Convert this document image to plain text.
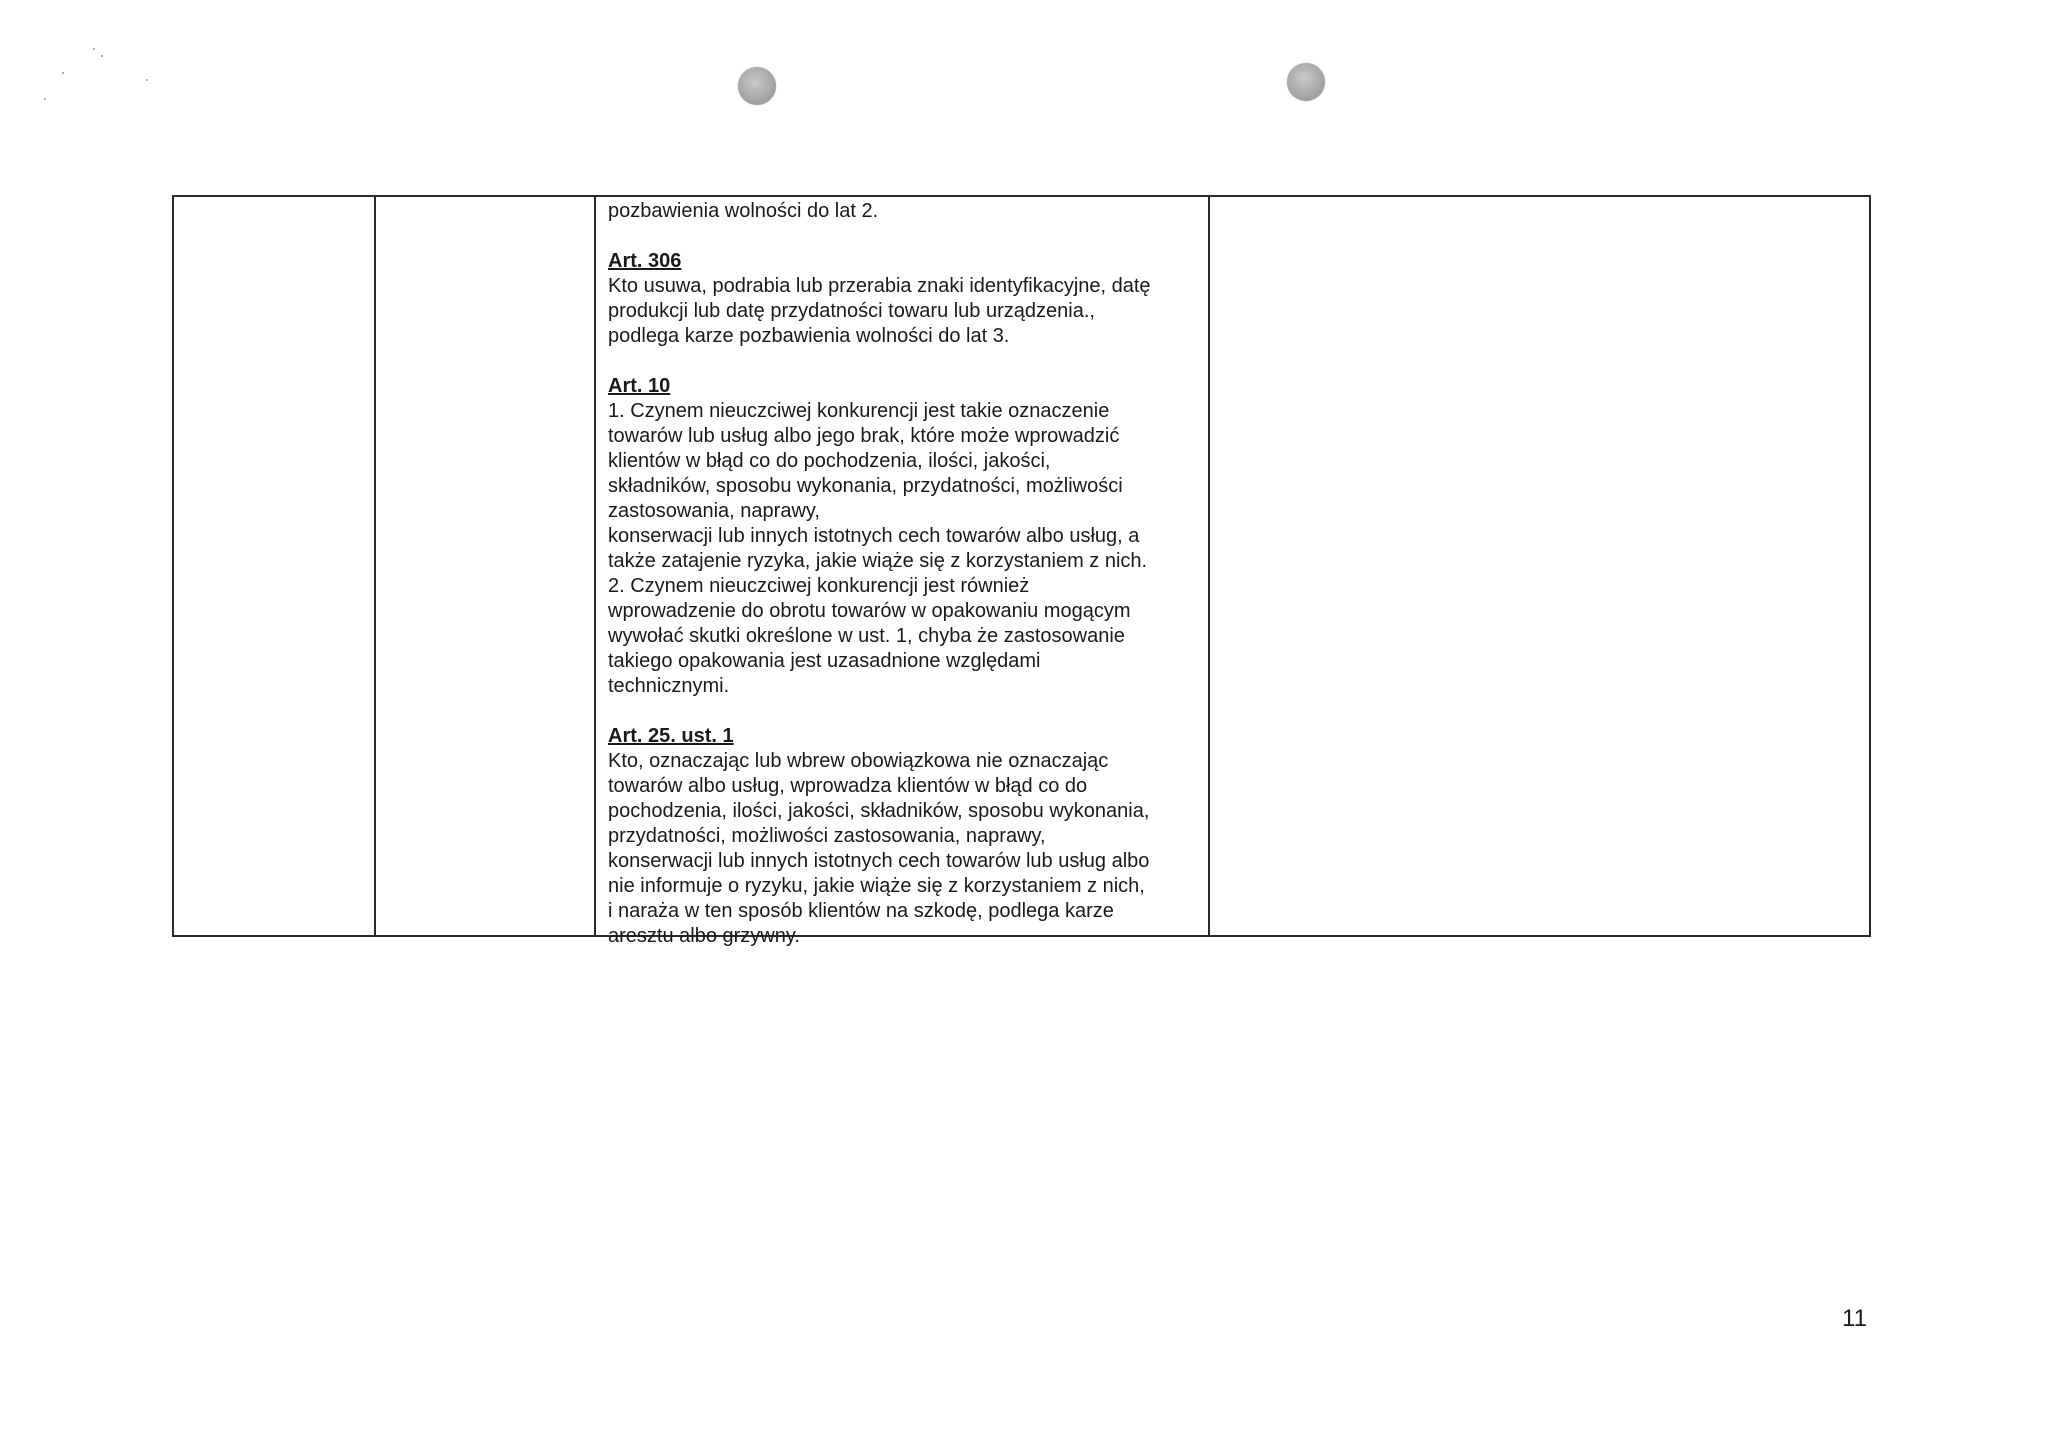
pozbawienia wolności do lat 2.

Art. 306

Kto usuwa, podrabia lub przerabia znaki identyfikacyjne, datę
produkcji lub datę przydatności towaru lub urządzenia.,
podlega karze pozbawienia wolności do lat 3.

Art. 10

1. Czynem nieuczciwej konkurencji jest takie oznaczenie
towarów lub usług albo jego brak, które może wprowadzić
klientów w błąd co do pochodzenia, ilości, jakości,
składników, sposobu wykonania, przydatności, możliwości
zastosowania, naprawy,
konserwacji lub innych istotnych cech towarów albo usług, a
także zatajenie ryzyka, jakie wiąże się z korzystaniem z nich.
2. Czynem nieuczciwej konkurencji jest również
wprowadzenie do obrotu towarów w opakowaniu mogącym
wywołać skutki określone w ust. 1, chyba że zastosowanie
takiego opakowania jest uzasadnione względami
technicznymi.

Art. 25. ust. 1

Kto, oznaczając lub wbrew obowiązkowa nie oznaczając
towarów albo usług, wprowadza klientów w błąd co do
pochodzenia, ilości, jakości, składników, sposobu wykonania,
przydatności, możliwości zastosowania, naprawy,
konserwacji lub innych istotnych cech towarów lub usług albo
nie informuje o ryzyku, jakie wiąże się z korzystaniem z nich,
i naraża w ten sposób klientów na szkodę, podlega karze
aresztu albo grzywny.

11
